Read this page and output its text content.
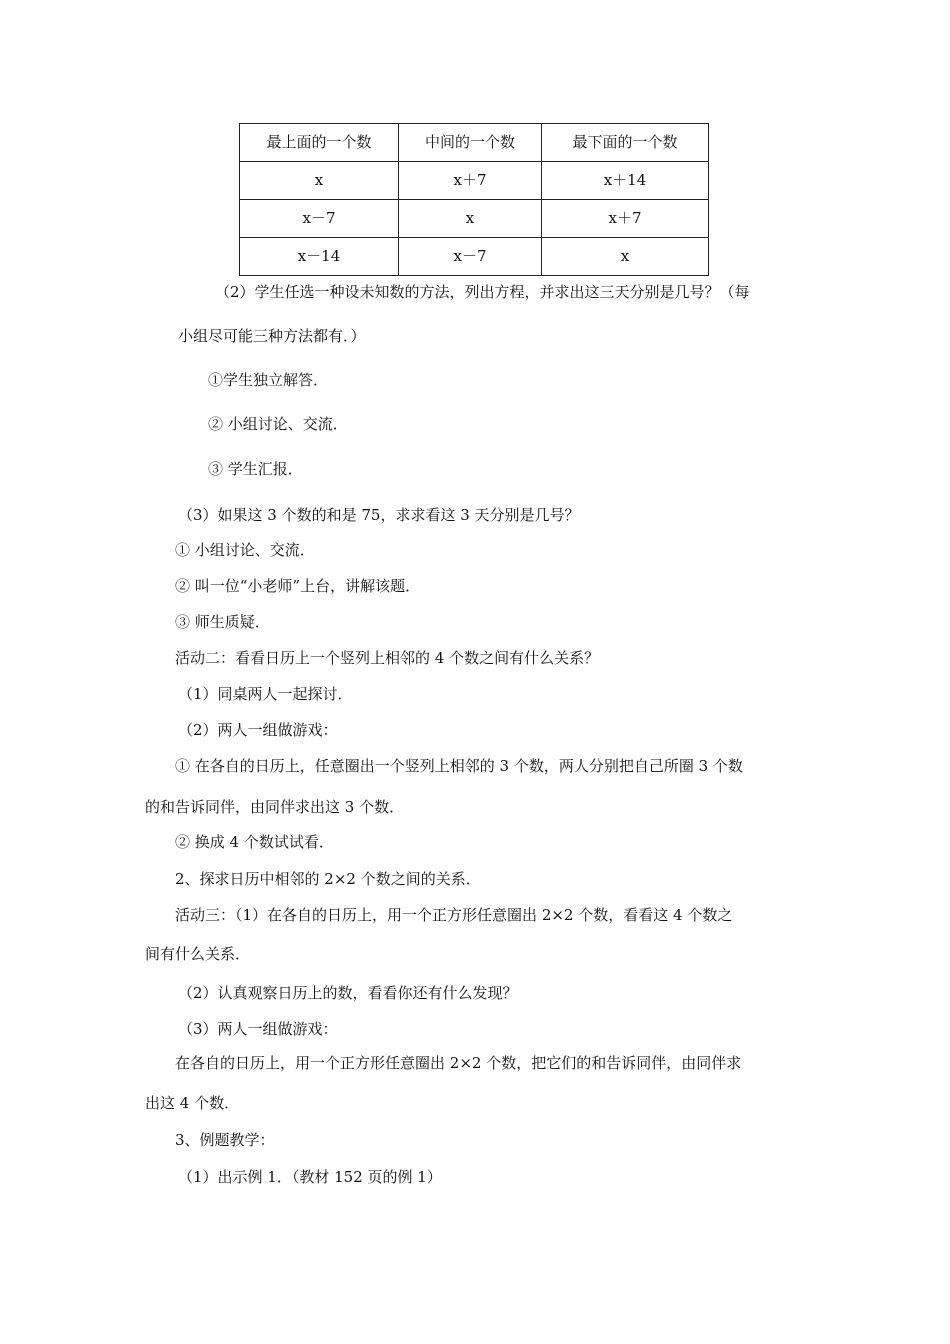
最上面的一个数	中间的一个数	最下面的一个数
x	x＋7	x＋14
x－7	x	x＋7
x－14	x－7	x
（2）学生任选一种设未知数的方法，列出方程，并求出这三天分别是几号？（每
小组尽可能三种方法都有．）
①学生独立解答．
② 小组讨论、交流．
③ 学生汇报．
（3）如果这 3 个数的和是 75，求求看这 3 天分别是几号？
① 小组讨论、交流．
② 叫一位“小老师”上台，讲解该题．
③ 师生质疑．
活动二：看看日历上一个竖列上相邻的 4 个数之间有什么关系？
（1）同桌两人一起探讨．
（2）两人一组做游戏：
① 在各自的日历上，任意圈出一个竖列上相邻的 3 个数，两人分别把自己所圈 3 个数
的和告诉同伴，由同伴求出这 3 个数．
② 换成 4 个数试试看．
2、探求日历中相邻的 2×2 个数之间的关系．
活动三：（1）在各自的日历上，用一个正方形任意圈出 2×2 个数，看看这 4 个数之
间有什么关系．
（2）认真观察日历上的数，看看你还有什么发现？
（3）两人一组做游戏：
在各自的日历上，用一个正方形任意圈出 2×2 个数，把它们的和告诉同伴，由同伴求
出这 4 个数．
3、例题教学：
（1）出示例 1．（教材 152 页的例 1）
